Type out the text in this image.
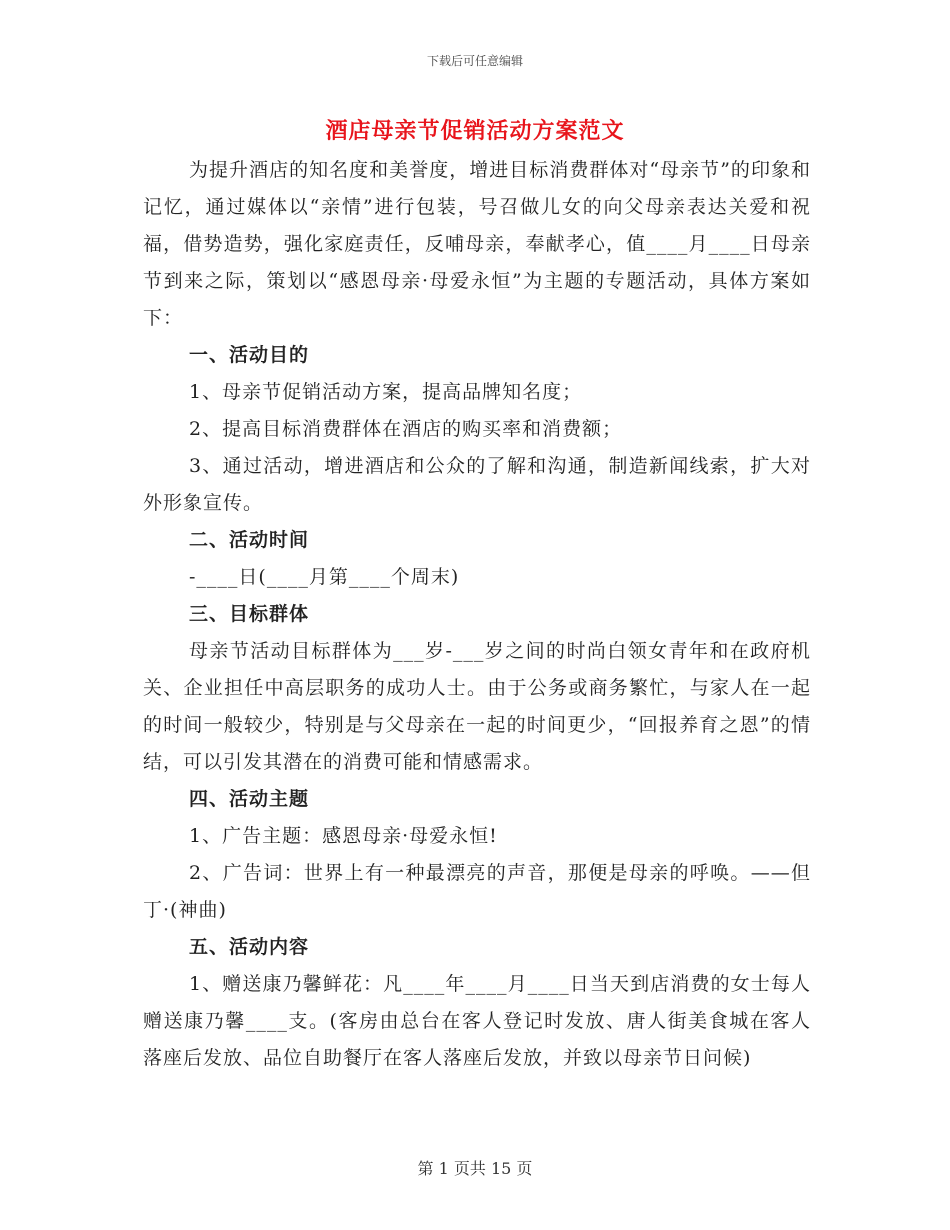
下载后可任意编辑
酒店母亲节促销活动方案范文

为提升酒店的知名度和美誉度，增进目标消费群体对“母亲节”的印象和记忆，通过媒体以“亲情”进行包装，号召做儿女的向父母亲表达关爱和祝福，借势造势，强化家庭责任，反哺母亲，奉献孝心，值____月____日母亲节到来之际，策划以“感恩母亲·母爱永恒”为主题的专题活动，具体方案如下：

一、活动目的

1、母亲节促销活动方案，提高品牌知名度；

2、提高目标消费群体在酒店的购买率和消费额；

3、通过活动，增进酒店和公众的了解和沟通，制造新闻线索，扩大对外形象宣传。

二、活动时间

-____日(____月第____个周末)

三、目标群体

母亲节活动目标群体为___岁-___岁之间的时尚白领女青年和在政府机关、企业担任中高层职务的成功人士。由于公务或商务繁忙，与家人在一起的时间一般较少，特别是与父母亲在一起的时间更少，“回报养育之恩”的情结，可以引发其潜在的消费可能和情感需求。

四、活动主题

1、广告主题：感恩母亲·母爱永恒!

2、广告词：世界上有一种最漂亮的声音，那便是母亲的呼唤。——但丁·(神曲)

五、活动内容

1、赠送康乃馨鲜花：凡____年____月____日当天到店消费的女士每人赠送康乃馨____支。(客房由总台在客人登记时发放、唐人街美食城在客人落座后发放、品位自助餐厅在客人落座后发放，并致以母亲节日问候)

第 1 页共 15 页
